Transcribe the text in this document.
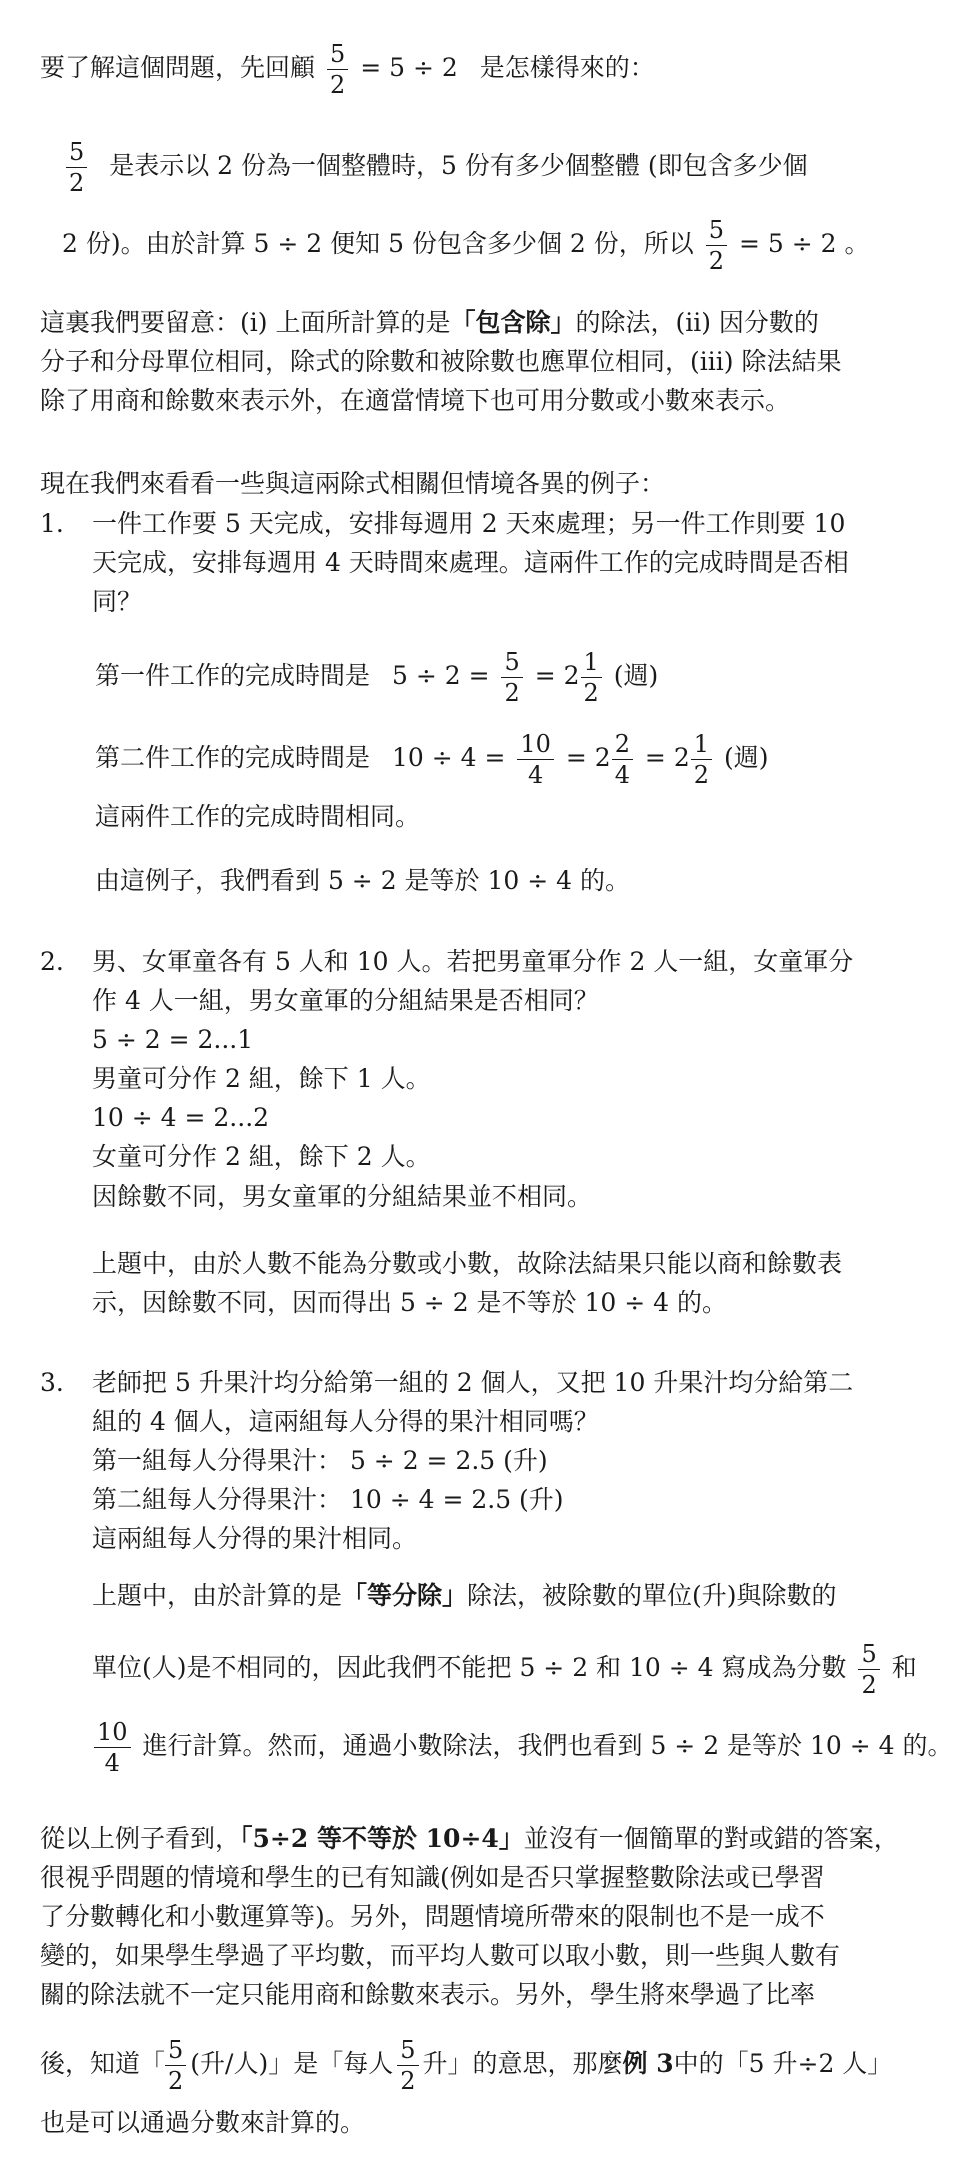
要了解這個問題，先回顧 $\frac{5}{2} = 5 \div 2$ 是怎樣得來的：
$\frac{5}{2}$ 是表示以 2 份為一個整體時，5 份有多少個整體 (即包含多少個
2 份)。由於計算 5 ÷ 2 便知 5 份包含多少個 2 份，所以 $\frac{5}{2} = 5 \div 2$ 。
這裏我們要留意：(i) 上面所計算的是「包含除」的除法，(ii) 因分數的
分子和分母單位相同，除式的除數和被除數也應單位相同，(iii) 除法結果
除了用商和餘數來表示外，在適當情境下也可用分數或小數來表示。
現在我們來看看一些與這兩除式相關但情境各異的例子：
1. 一件工作要 5 天完成，安排每週用 2 天來處理；另一件工作則要 10
天完成，安排每週用 4 天時間來處理。這兩件工作的完成時間是否相
同？
第一件工作的完成時間是 $5 \div 2 = \frac{5}{2} = 2 \frac{1}{2}$ (週)
第二件工作的完成時間是 $10 \div 4 = \frac{10}{4} = 2 \frac{2}{4} = 2 \frac{1}{2}$ (週)
這兩件工作的完成時間相同。
由這例子，我們看到 5 ÷ 2 是等於 10 ÷ 4 的。
2. 男、女軍童各有 5 人和 10 人。若把男童軍分作 2 人一組，女童軍分
作 4 人一組，男女童軍的分組結果是否相同？
5 ÷ 2 = 2...1
男童可分作 2 組，餘下 1 人。
10 ÷ 4 = 2...2
女童可分作 2 組，餘下 2 人。
因餘數不同，男女童軍的分組結果並不相同。
上題中，由於人數不能為分數或小數，故除法結果只能以商和餘數表
示，因餘數不同，因而得出 5 ÷ 2 是不等於 10 ÷ 4 的。
3. 老師把 5 升果汁均分給第一組的 2 個人，又把 10 升果汁均分給第二
組的 4 個人，這兩組每人分得的果汁相同嗎？
第一組每人分得果汁： 5 ÷ 2 = 2.5 (升)
第二組每人分得果汁： 10 ÷ 4 = 2.5 (升)
這兩組每人分得的果汁相同。
上題中，由於計算的是「等分除」除法，被除數的單位(升)與除數的
單位(人)是不相同的，因此我們不能把 5 ÷ 2 和 10 ÷ 4 寫成為分數 $\frac{5}{2}$ 和
$\frac{10}{4}$ 進行計算。然而，通過小數除法，我們也看到 5 ÷ 2 是等於 10 ÷ 4 的。
從以上例子看到，「5÷2 等不等於 10÷4」並沒有一個簡單的對或錯的答案，
很視乎問題的情境和學生的已有知識(例如是否只掌握整數除法或已學習
了分數轉化和小數運算等)。另外，問題情境所帶來的限制也不是一成不
變的，如果學生學過了平均數，而平均人數可以取小數，則一些與人數有
關的除法就不一定只能用商和餘數來表示。另外，學生將來學過了比率
後，知道「 $\frac{5}{2}$ (升/人)」是「每人 $\frac{5}{2}$ 升」的意思，那麼例 3中的「5 升÷2 人」
也是可以通過分數來計算的。
